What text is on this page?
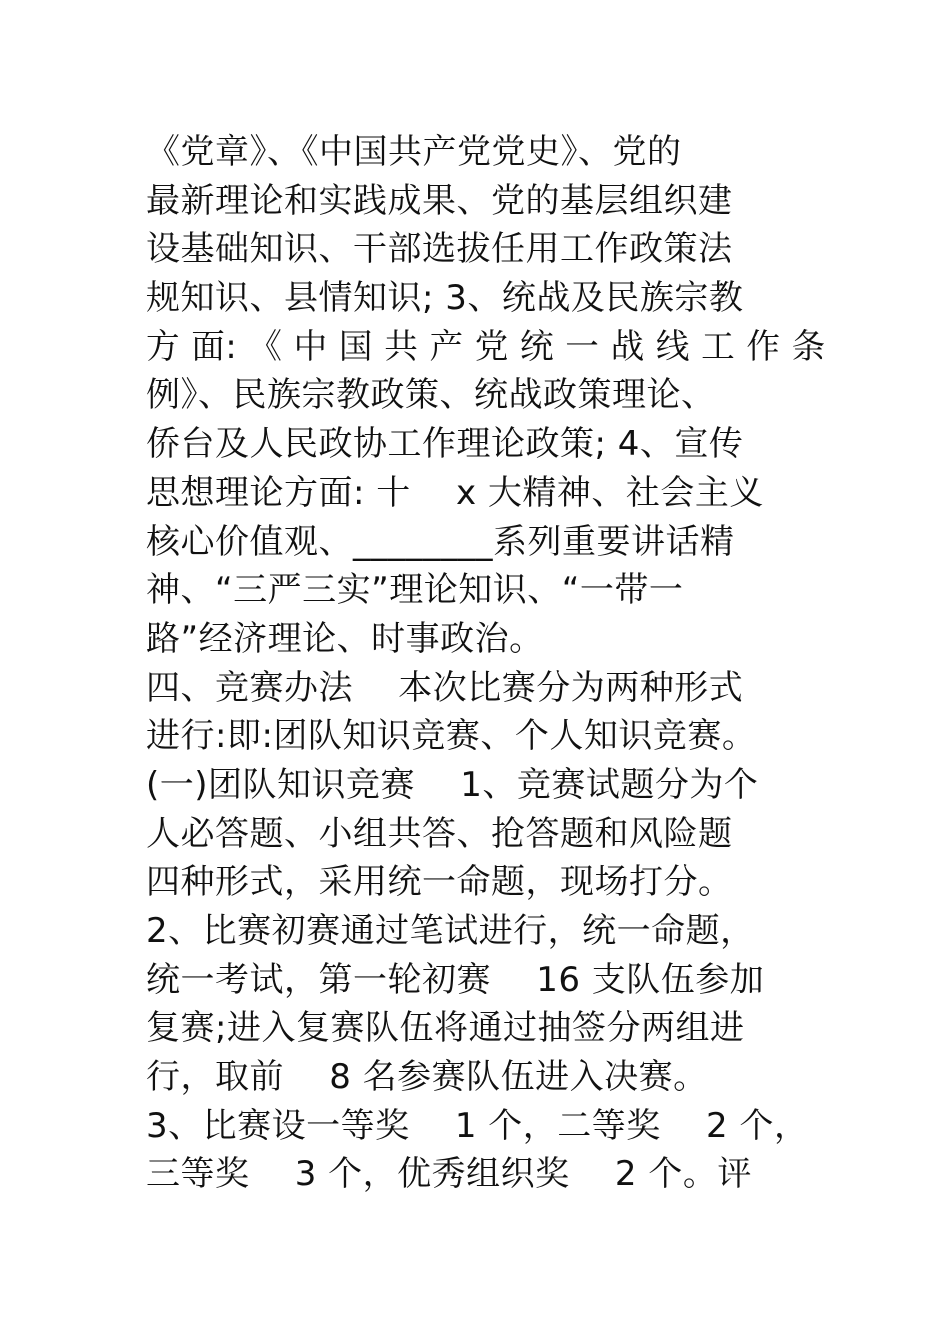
《党章》、《中国共产党党史》、党的
最新理论和实践成果、党的基层组织建
设基础知识、干部选拔任用工作政策法
规知识、县情知识; 3、统战及民族宗教
方 面: 《 中 国 共 产 党 统 一 战 线 工 作 条
例》、民族宗教政策、统战政策理论、
侨台及人民政协工作理论政策; 4、宣传
思想理论方面: 十    x 大精神、社会主义
核心价值观、________系列重要讲话精
神、“三严三实”理论知识、“一带一
路”经济理论、时事政治。
四、竞赛办法    本次比赛分为两种形式
进行:即:团队知识竞赛、个人知识竞赛。
(一)团队知识竞赛    1、竞赛试题分为个
人必答题、小组共答、抢答题和风险题
四种形式，采用统一命题，现场打分。
2、比赛初赛通过笔试进行，统一命题，
统一考试，第一轮初赛    16 支队伍参加
复赛;进入复赛队伍将通过抽签分两组进
行，取前    8 名参赛队伍进入决赛。
3、比赛设一等奖    1 个，二等奖    2 个，
三等奖    3 个，优秀组织奖    2 个。评
